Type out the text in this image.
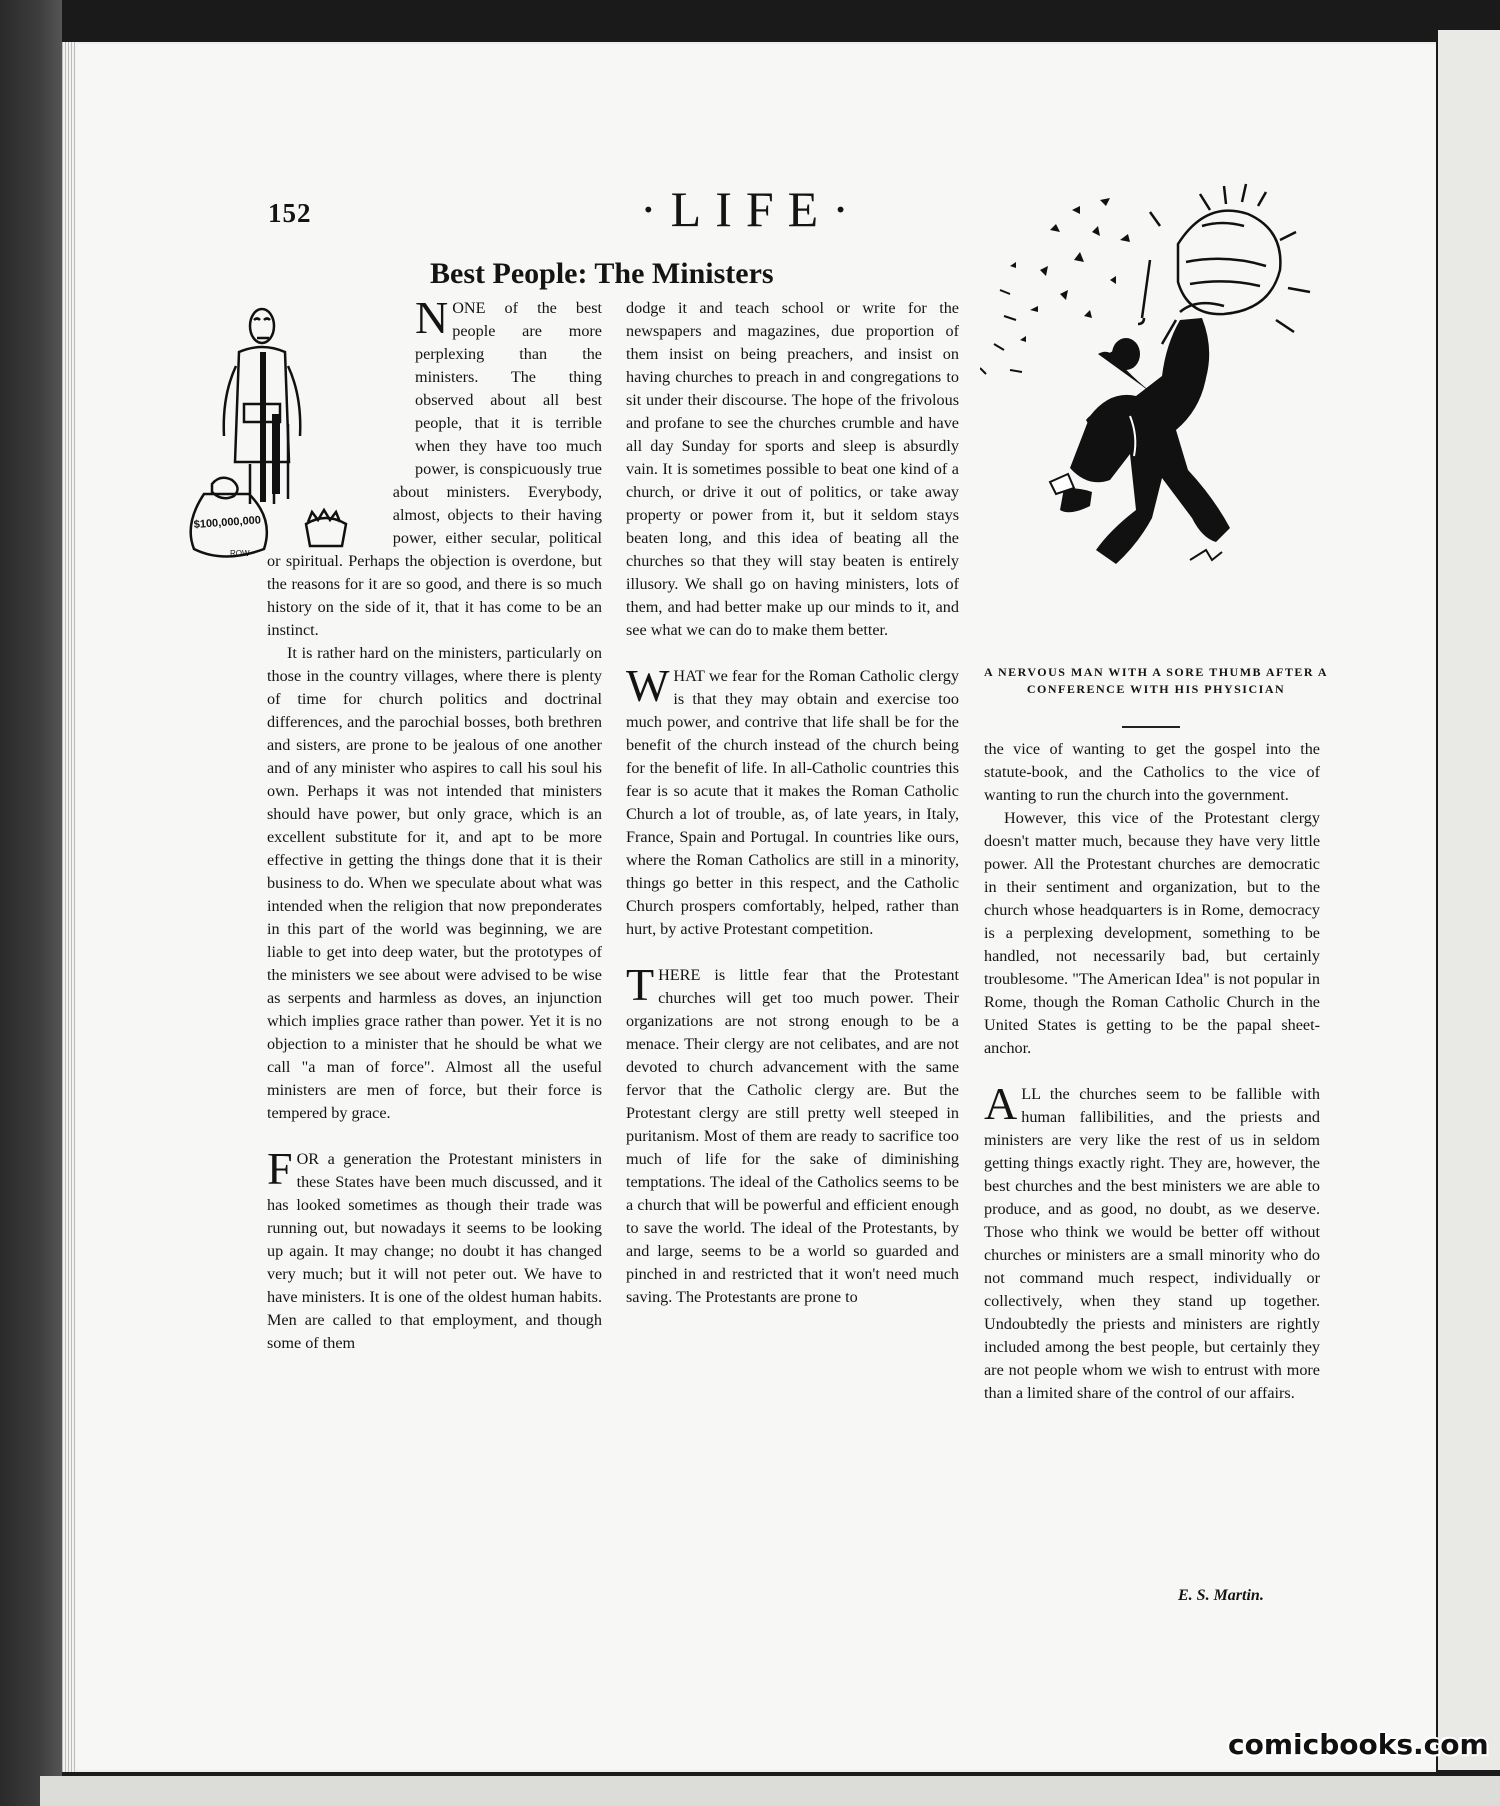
152	·LIFE·
Best People: The Ministers
$100,000,000
ROW

NONE of the best people are more perplexing than the ministers. The thing observed about all best people, that it is terrible when they have too much power, is conspicuously true about ministers. Everybody, almost, objects to their having power, either secular, political or spiritual. Perhaps the objection is overdone, but the reasons for it are so good, and there is so much history on the side of it, that it has come to be an instinct.

It is rather hard on the ministers, particularly on those in the country villages, where there is plenty of time for church politics and doctrinal differences, and the parochial bosses, both brethren and sisters, are prone to be jealous of one another and of any minister who aspires to call his soul his own. Perhaps it was not intended that ministers should have power, but only grace, which is an excellent substitute for it, and apt to be more effective in getting the things done that it is their business to do. When we speculate about what was intended when the religion that now preponderates in this part of the world was beginning, we are liable to get into deep water, but the prototypes of the ministers we see about were advised to be wise as serpents and harmless as doves, an injunction which implies grace rather than power. Yet it is no objection to a minister that he should be what we call "a man of force". Almost all the useful ministers are men of force, but their force is tempered by grace.

FOR a generation the Protestant ministers in these States have been much discussed, and it has looked sometimes as though their trade was running out, but nowadays it seems to be looking up again. It may change; no doubt it has changed very much; but it will not peter out. We have to have ministers. It is one of the oldest human habits. Men are called to that employment, and though some of them

dodge it and teach school or write for the newspapers and magazines, due proportion of them insist on being preachers, and insist on having churches to preach in and congregations to sit under their discourse. The hope of the frivolous and profane to see the churches crumble and have all day Sunday for sports and sleep is absurdly vain. It is sometimes possible to beat one kind of a church, or drive it out of politics, or take away property or power from it, but it seldom stays beaten long, and this idea of beating all the churches so that they will stay beaten is entirely illusory. We shall go on having ministers, lots of them, and had better make up our minds to it, and see what we can do to make them better.

WHAT we fear for the Roman Catholic clergy is that they may obtain and exercise too much power, and contrive that life shall be for the benefit of the church instead of the church being for the benefit of life. In all-Catholic countries this fear is so acute that it makes the Roman Catholic Church a lot of trouble, as, of late years, in Italy, France, Spain and Portugal. In countries like ours, where the Roman Catholics are still in a minority, things go better in this respect, and the Catholic Church prospers comfortably, helped, rather than hurt, by active Protestant competition.

THERE is little fear that the Protestant churches will get too much power. Their organizations are not strong enough to be a menace. Their clergy are not celibates, and are not devoted to church advancement with the same fervor that the Catholic clergy are. But the Protestant clergy are still pretty well steeped in puritanism. Most of them are ready to sacrifice too much of life for the sake of diminishing temptations. The ideal of the Catholics seems to be a church that will be powerful and efficient enough to save the world. The ideal of the Protestants, by and large, seems to be a world so guarded and pinched in and restricted that it won't need much saving. The Protestants are prone to

A NERVOUS MAN WITH A SORE THUMB AFTER A CONFERENCE WITH HIS PHYSICIAN

the vice of wanting to get the gospel into the statute-book, and the Catholics to the vice of wanting to run the church into the government.

However, this vice of the Protestant clergy doesn't matter much, because they have very little power. All the Protestant churches are democratic in their sentiment and organization, but to the church whose headquarters is in Rome, democracy is a perplexing development, something to be handled, not necessarily bad, but certainly troublesome. "The American Idea" is not popular in Rome, though the Roman Catholic Church in the United States is getting to be the papal sheet-anchor.

ALL the churches seem to be fallible with human fallibilities, and the priests and ministers are very like the rest of us in seldom getting things exactly right. They are, however, the best churches and the best ministers we are able to produce, and as good, no doubt, as we deserve. Those who think we would be better off without churches or ministers are a small minority who do not command much respect, individually or collectively, when they stand up together. Undoubtedly the priests and ministers are rightly included among the best people, but certainly they are not people whom we wish to entrust with more than a limited share of the control of our affairs.

E. S. Martin.
comicbooks.com
